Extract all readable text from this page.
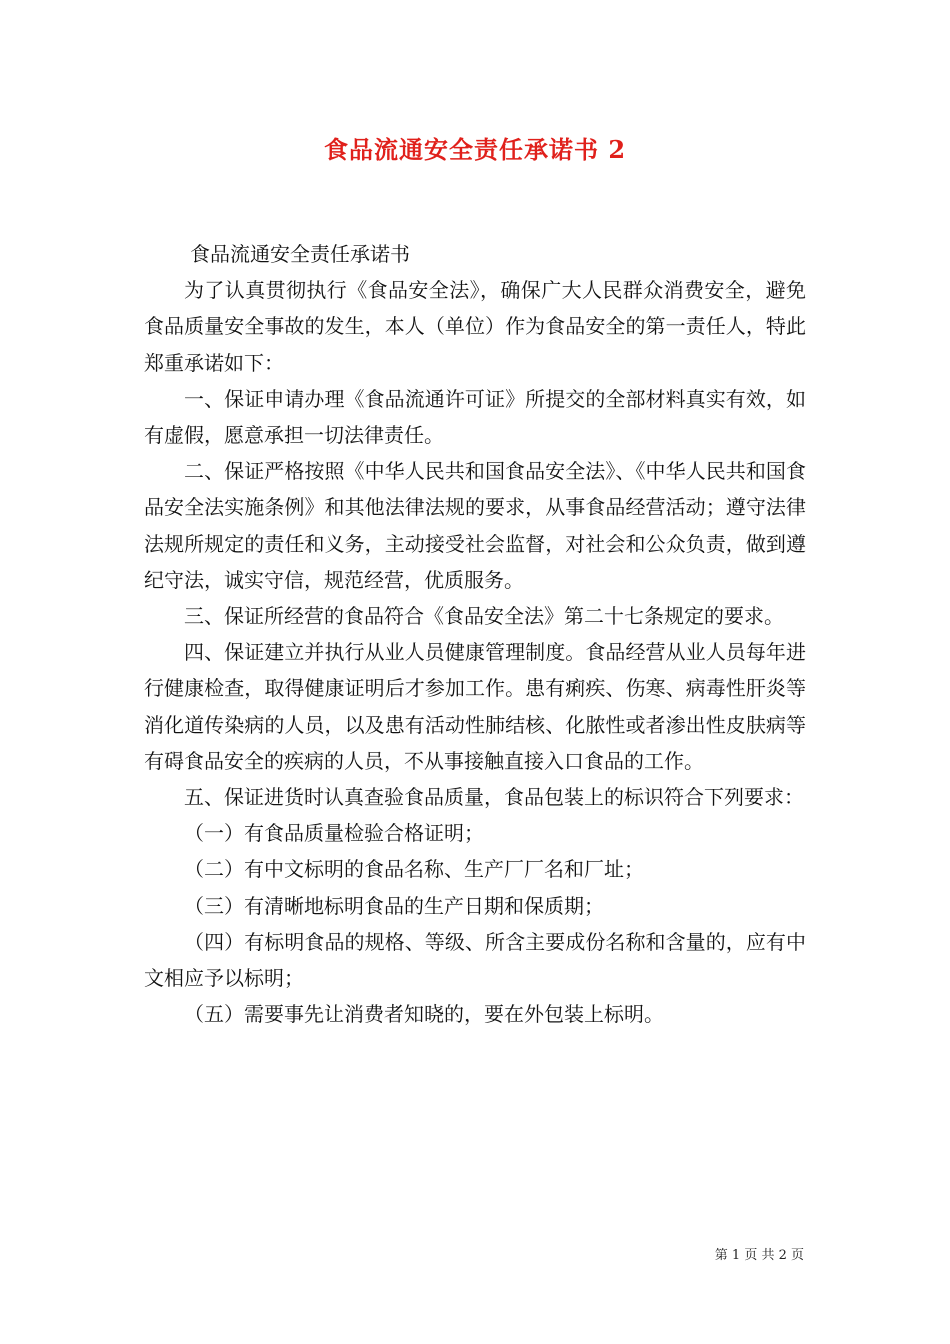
食品流通安全责任承诺书 2

食品流通安全责任承诺书

为了认真贯彻执行《食品安全法》，确保广大人民群众消费安全，避免食品质量安全事故的发生，本人（单位）作为食品安全的第一责任人，特此郑重承诺如下：

一、保证申请办理《食品流通许可证》所提交的全部材料真实有效，如有虚假，愿意承担一切法律责任。

二、保证严格按照《中华人民共和国食品安全法》、《中华人民共和国食品安全法实施条例》和其他法律法规的要求，从事食品经营活动；遵守法律法规所规定的责任和义务，主动接受社会监督，对社会和公众负责，做到遵纪守法，诚实守信，规范经营，优质服务。

三、保证所经营的食品符合《食品安全法》第二十七条规定的要求。

四、保证建立并执行从业人员健康管理制度。食品经营从业人员每年进行健康检查，取得健康证明后才参加工作。患有痢疾、伤寒、病毒性肝炎等消化道传染病的人员，以及患有活动性肺结核、化脓性或者渗出性皮肤病等有碍食品安全的疾病的人员，不从事接触直接入口食品的工作。

五、保证进货时认真查验食品质量，食品包装上的标识符合下列要求：

（一）有食品质量检验合格证明；

（二）有中文标明的食品名称、生产厂厂名和厂址；

（三）有清晰地标明食品的生产日期和保质期；

（四）有标明食品的规格、等级、所含主要成份名称和含量的，应有中文相应予以标明；

（五）需要事先让消费者知晓的，要在外包装上标明。

第 1 页 共 2 页
